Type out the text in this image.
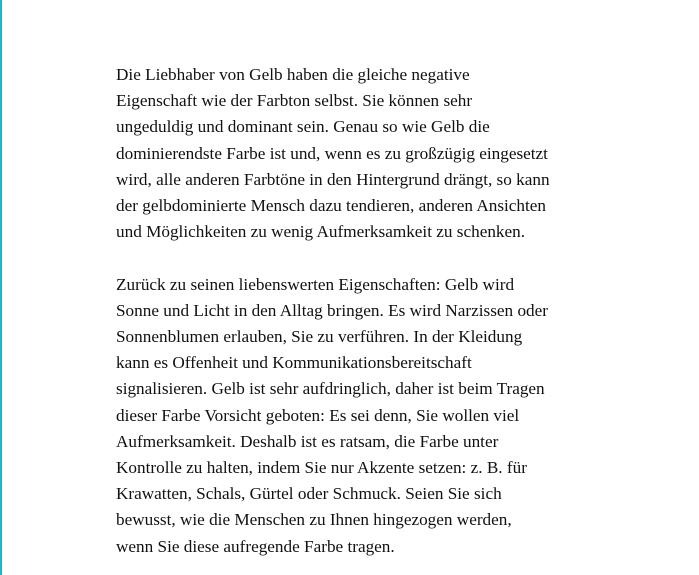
Die Liebhaber von Gelb haben die gleiche negative
Eigenschaft wie der Farbton selbst. Sie können sehr
ungeduldig und dominant sein. Genau so wie Gelb die
dominierendste Farbe ist und, wenn es zu großzügig eingesetzt
wird, alle anderen Farbtöne in den Hintergrund drängt, so kann
der gelbdominierte Mensch dazu tendieren, anderen Ansichten
und Möglichkeiten zu wenig Aufmerksamkeit zu schenken.

Zurück zu seinen liebenswerten Eigenschaften: Gelb wird
Sonne und Licht in den Alltag bringen. Es wird Narzissen oder
Sonnenblumen erlauben, Sie zu verführen. In der Kleidung
kann es Offenheit und Kommunikationsbereitschaft
signalisieren. Gelb ist sehr aufdringlich, daher ist beim Tragen
dieser Farbe Vorsicht geboten: Es sei denn, Sie wollen viel
Aufmerksamkeit. Deshalb ist es ratsam, die Farbe unter
Kontrolle zu halten, indem Sie nur Akzente setzen: z. B. für
Krawatten, Schals, Gürtel oder Schmuck. Seien Sie sich
bewusst, wie die Menschen zu Ihnen hingezogen werden,
wenn Sie diese aufregende Farbe tragen.
